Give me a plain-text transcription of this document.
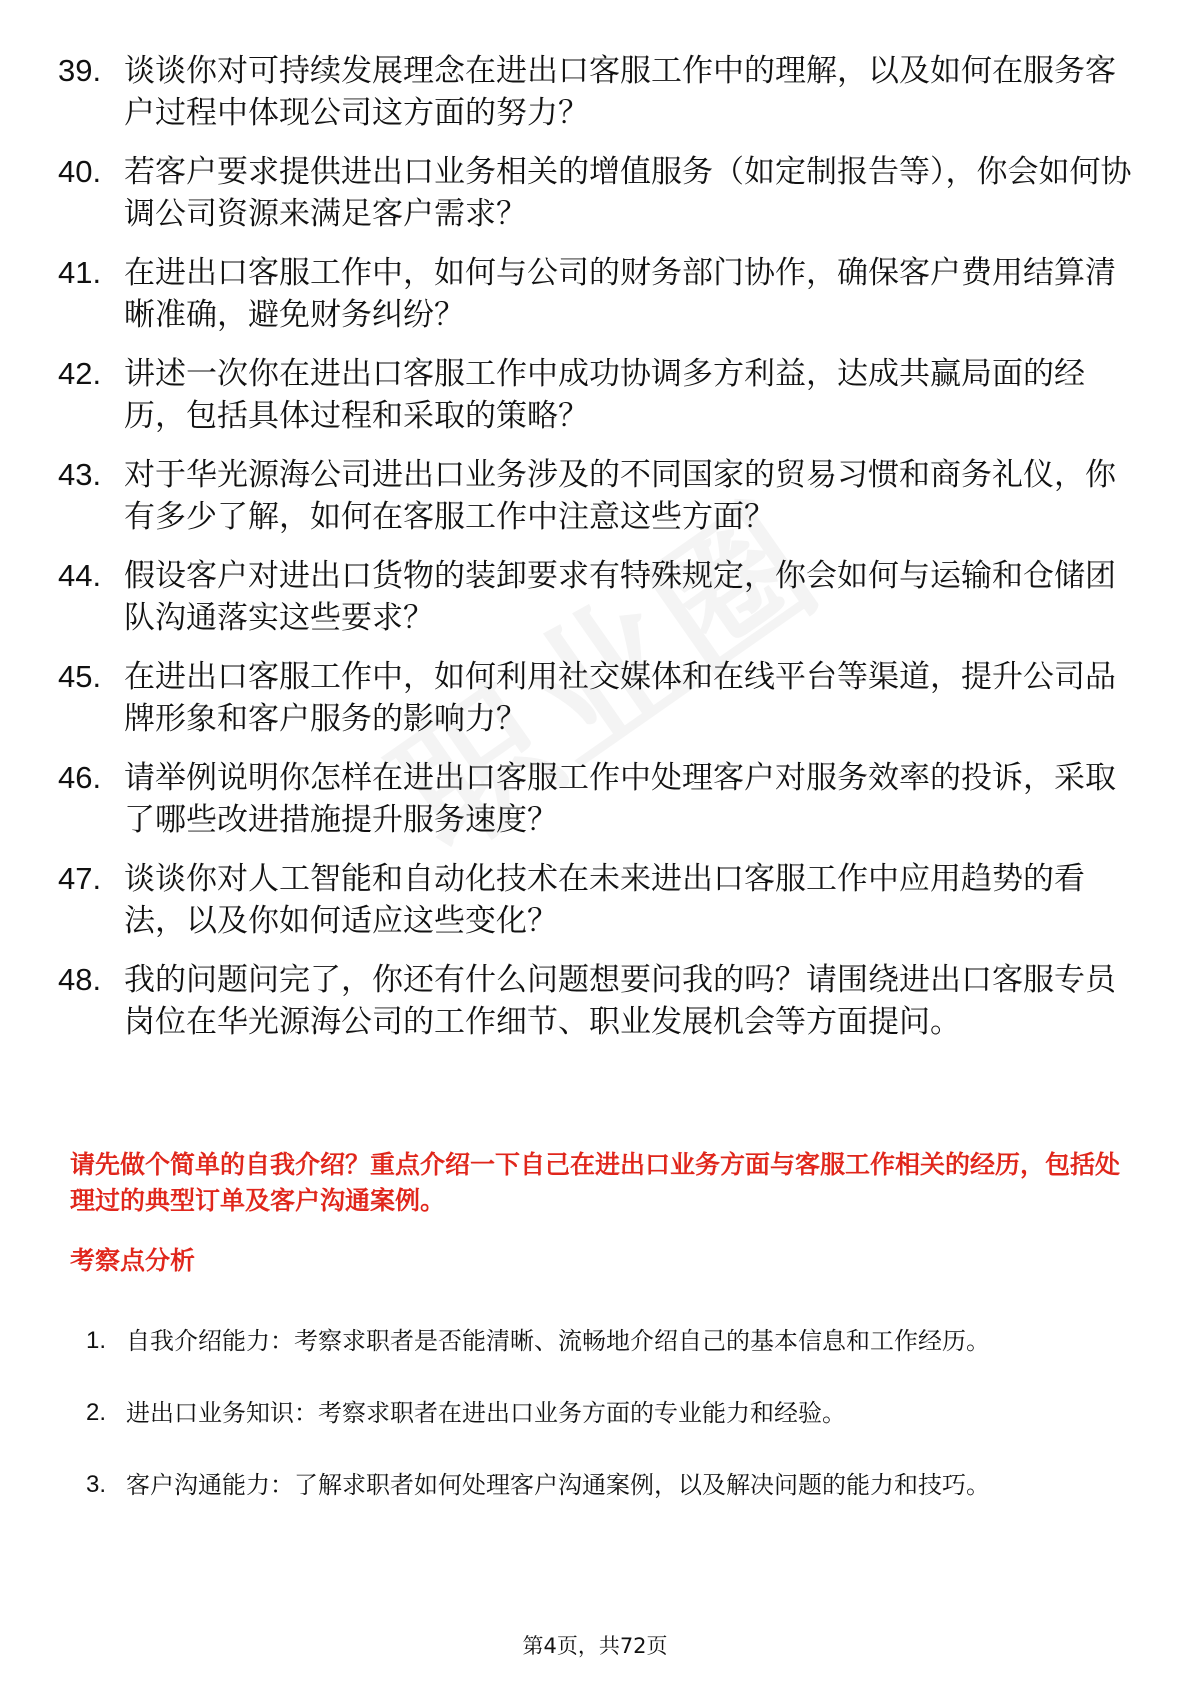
39. 谈谈你对可持续发展理念在进出口客服工作中的理解，以及如何在服务客户过程中体现公司这方面的努力？
40. 若客户要求提供进出口业务相关的增值服务（如定制报告等），你会如何协调公司资源来满足客户需求？
41. 在进出口客服工作中，如何与公司的财务部门协作，确保客户费用结算清晰准确，避免财务纠纷？
42. 讲述一次你在进出口客服工作中成功协调多方利益，达成共赢局面的经历，包括具体过程和采取的策略？
43. 对于华光源海公司进出口业务涉及的不同国家的贸易习惯和商务礼仪，你有多少了解，如何在客服工作中注意这些方面？
44. 假设客户对进出口货物的装卸要求有特殊规定，你会如何与运输和仓储团队沟通落实这些要求？
45. 在进出口客服工作中，如何利用社交媒体和在线平台等渠道，提升公司品牌形象和客户服务的影响力？
46. 请举例说明你怎样在进出口客服工作中处理客户对服务效率的投诉，采取了哪些改进措施提升服务速度？
47. 谈谈你对人工智能和自动化技术在未来进出口客服工作中应用趋势的看法，以及你如何适应这些变化？
48. 我的问题问完了，你还有什么问题想要问我的吗？请围绕进出口客服专员岗位在华光源海公司的工作细节、职业发展机会等方面提问。
请先做个简单的自我介绍？重点介绍一下自己在进出口业务方面与客服工作相关的经历，包括处理过的典型订单及客户沟通案例。
考察点分析
1. 自我介绍能力：考察求职者是否能清晰、流畅地介绍自己的基本信息和工作经历。
2. 进出口业务知识：考察求职者在进出口业务方面的专业能力和经验。
3. 客户沟通能力：了解求职者如何处理客户沟通案例，以及解决问题的能力和技巧。
第4页，共72页
